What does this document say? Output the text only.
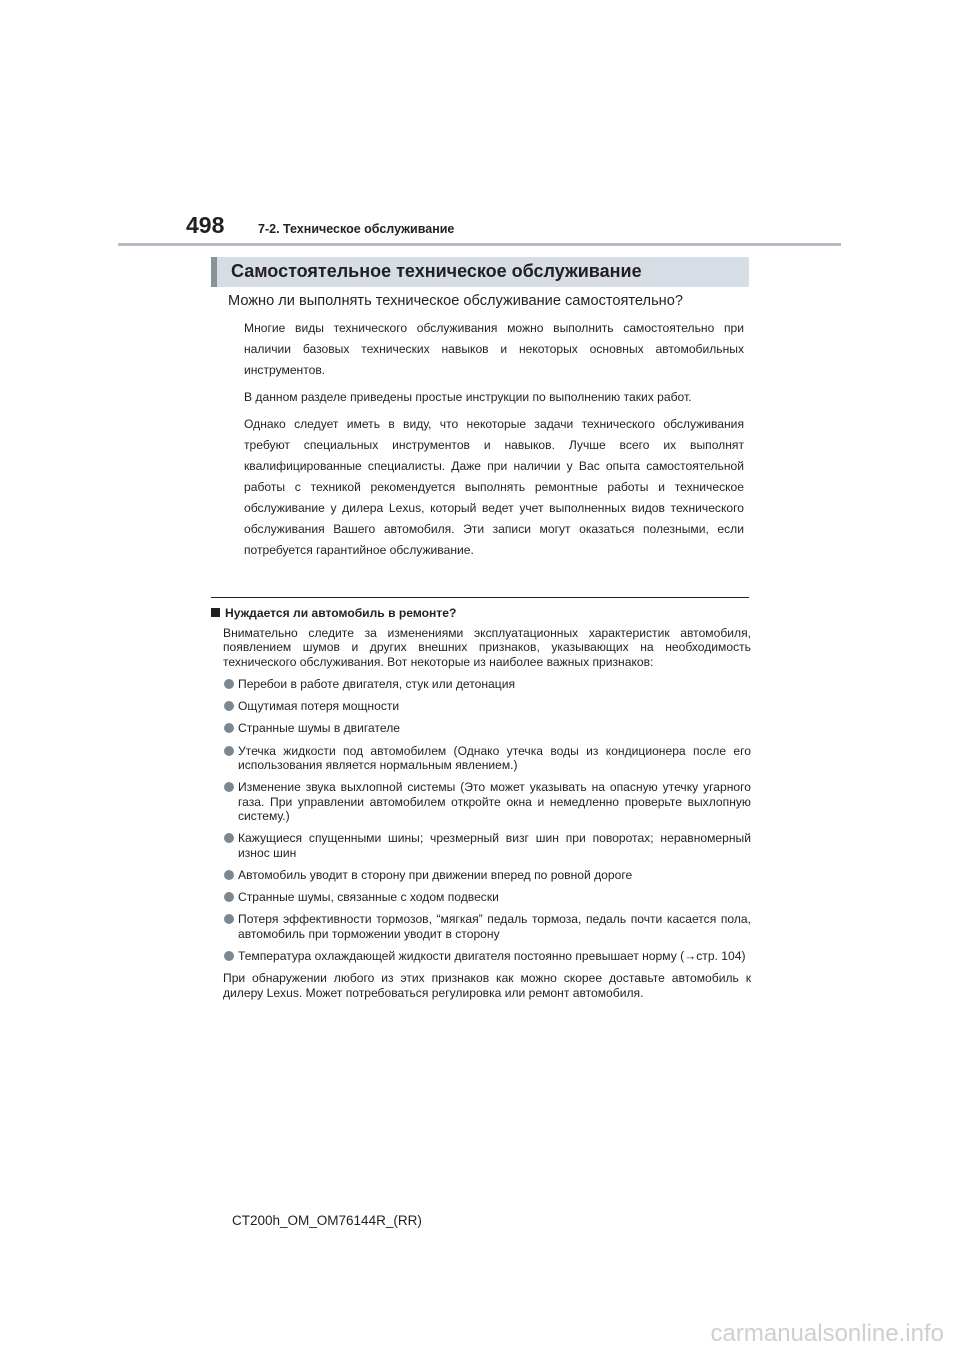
498	7-2. Техническое обслуживание
Самостоятельное техническое обслуживание
Можно ли выполнять техническое обслуживание самостоятельно?

Многие виды технического обслуживания можно выполнить самостоятельно при наличии базовых технических навыков и некоторых основных автомобильных инструментов.

В данном разделе приведены простые инструкции по выполнению таких работ.

Однако следует иметь в виду, что некоторые задачи технического обслуживания требуют специальных инструментов и навыков. Лучше всего их выполнят квалифицированные специалисты. Даже при наличии у Вас опыта самостоятельной работы с техникой рекомендуется выполнять ремонтные работы и техническое обслуживание у дилера Lexus, который ведет учет выполненных видов технического обслуживания Вашего автомобиля. Эти записи могут оказаться полезными, если потребуется гарантийное обслуживание.

Нуждается ли автомобиль в ремонте?

Внимательно следите за изменениями эксплуатационных характеристик автомобиля, появлением шумов и других внешних признаков, указывающих на необходимость технического обслуживания. Вот некоторые из наиболее важных признаков:

Перебои в работе двигателя, стук или детонация
Ощутимая потеря мощности
Странные шумы в двигателе
Утечка жидкости под автомобилем (Однако утечка воды из кондиционера после его использования является нормальным явлением.)
Изменение звука выхлопной системы (Это может указывать на опасную утечку угарного газа. При управлении автомобилем откройте окна и немедленно проверьте выхлопную систему.)
Кажущиеся спущенными шины; чрезмерный визг шин при поворотах; неравномерный износ шин
Автомобиль уводит в сторону при движении вперед по ровной дороге
Странные шумы, связанные с ходом подвески
Потеря эффективности тормозов, “мягкая” педаль тормоза, педаль почти касается пола, автомобиль при торможении уводит в сторону
Температура охлаждающей жидкости двигателя постоянно превышает норму (→стр. 104)

При обнаружении любого из этих признаков как можно скорее доставьте автомобиль к дилеру Lexus. Может потребоваться регулировка или ремонт автомобиля.

CT200h_OM_OM76144R_(RR)
carmanualsonline.info
